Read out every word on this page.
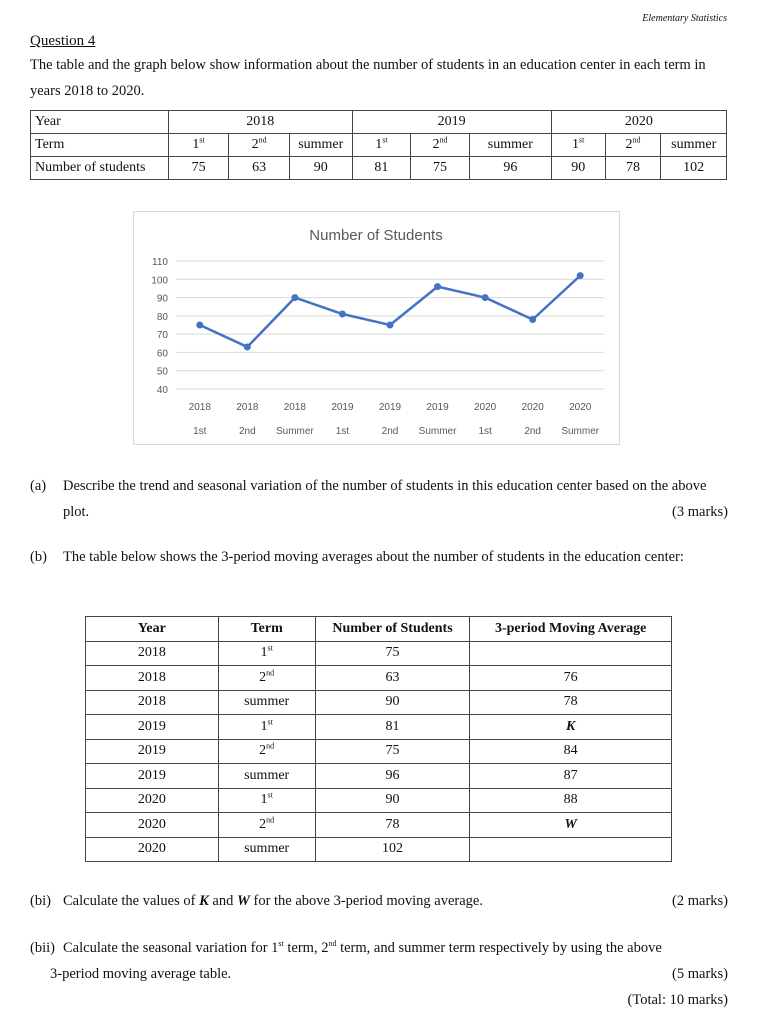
Elementary Statistics
Question 4
The table and the graph below show information about the number of students in an education center in each term in years 2018 to 2020.
Year	2018			2019			2020		
Term	1st	2nd	summer	1st	2nd	summer	1st	2nd	summer
Number of students	75	63	90	81	75	96	90	78	102
Number of Students
40
50
60
70
80
90
100
110
2018
1st
2018
2nd
2018
Summer
2019
1st
2019
2nd
2019
Summer
2020
1st
2020
2nd
2020
Summer
(a) Describe the trend and seasonal variation of the number of students in this education center based on the above plot.	(3 marks)
(b) The table below shows the 3-period moving averages about the number of students in the education center:
Year	Term	Number of Students	3-period Moving Average
2018	1st	75	
2018	2nd	63	76
2018	summer	90	78
2019	1st	81	K
2019	2nd	75	84
2019	summer	96	87
2020	1st	90	88
2020	2nd	78	W
2020	summer	102	
(bi) Calculate the values of K and W for the above 3-period moving average.	(2 marks)
(bii) Calculate the seasonal variation for 1st term, 2nd term, and summer term respectively by using the above
3-period moving average table.	(5 marks)
(Total: 10 marks)
